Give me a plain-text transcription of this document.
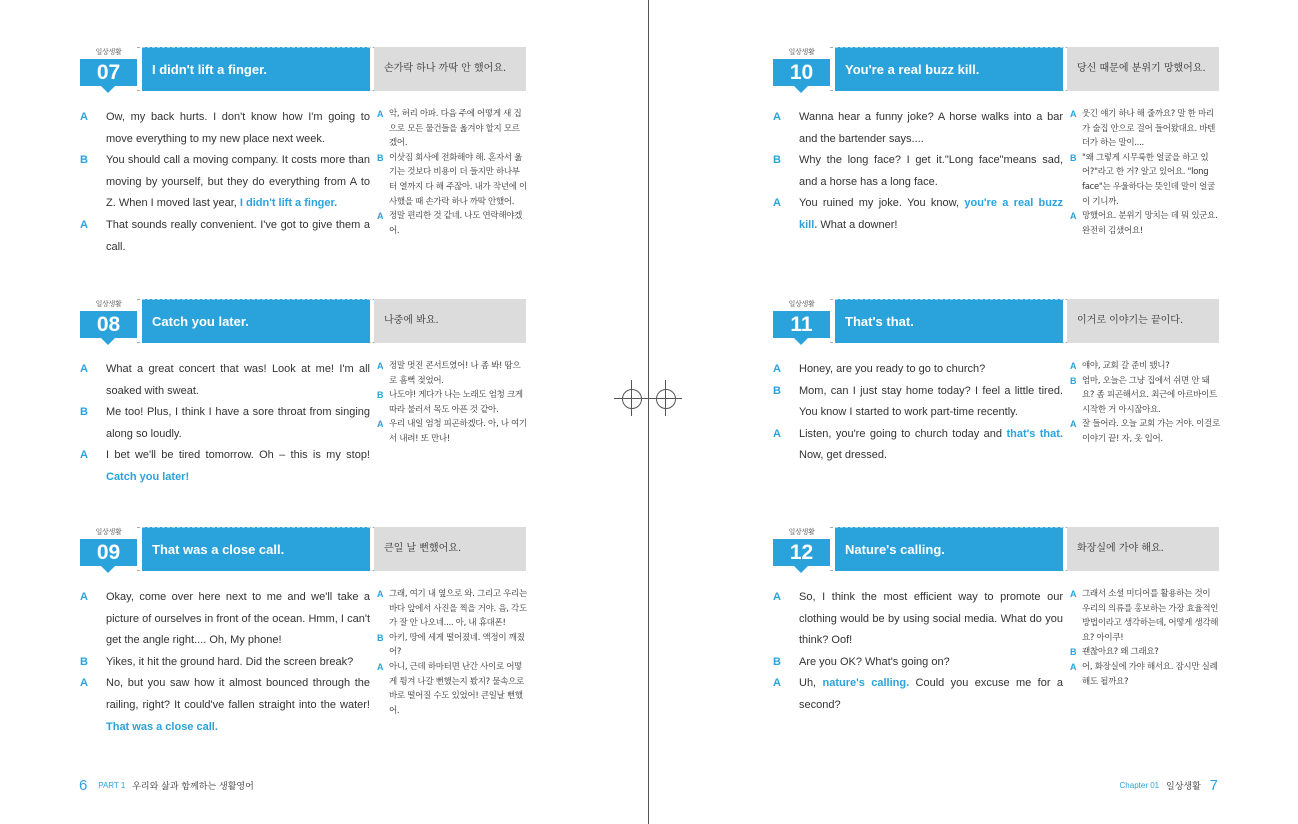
일상생활
07	I didn't lift a finger.	손가락 하나 까딱 안 했어요.
A Ow, my back hurts. I don't know how I'm going to move everything to my new place next week.
B You should call a moving company. It costs more than moving by yourself, but they do everything from A to Z. When I moved last year, I didn't lift a finger.
A That sounds really convenient. I've got to give them a call.
A 악, 허리 아파. 다음 주에 어떻게 새 집으로 모든 물건들을 옮겨야 할지 모르겠어.
B 이삿짐 회사에 전화해야 해. 혼자서 옮기는 것보다 비용이 더 들지만 하나부터 열까지 다 해 주잖아. 내가 작년에 이사했을 때 손가락 하나 까딱 안했어.
A 정말 편리한 것 같네. 나도 연락해야겠어.
일상생활
08	Catch you later.	나중에 봐요.
A What a great concert that was! Look at me! I'm all soaked with sweat.
B Me too! Plus, I think I have a sore throat from singing along so loudly.
A I bet we'll be tired tomorrow. Oh – this is my stop! Catch you later!
A 정말 멋진 콘서트였어! 나 좀 봐! 땀으로 흠뻑 젖었어.
B 나도야! 게다가 나는 노래도 엄청 크게 따라 불러서 목도 아픈 것 같아.
A 우리 내일 엄청 피곤하겠다. 아, 나 여기서 내려! 또 만나!
일상생활
09	That was a close call.	큰일 날 뻔했어요.
A Okay, come over here next to me and we'll take a picture of ourselves in front of the ocean. Hmm, I can't get the angle right.... Oh, My phone!
B Yikes, it hit the ground hard. Did the screen break?
A No, but you saw how it almost bounced through the railing, right? It could've fallen straight into the water! That was a close call.
A 그래, 여기 내 옆으로 와. 그리고 우리는 바다 앞에서 사진을 찍을 거야. 음, 각도가 잘 안 나오네.... 아, 내 휴대폰!
B 아키, 땅에 세게 떨어졌네. 액정이 깨졌어?
A 아니, 근데 하마터면 난간 사이로 어떻게 튕겨 나갈 뻔했는지 봤지? 물속으로 바로 떨어질 수도 있었어! 큰일날 뻔했어.
일상생활
10	You're a real buzz kill.	당신 때문에 분위기 망했어요.
A Wanna hear a funny joke? A horse walks into a bar and the bartender says....
B Why the long face? I get it."Long face"means sad, and a horse has a long face.
A You ruined my joke. You know, you're a real buzz kill. What a downer!
A 웃긴 얘기 하나 해 줄까요? 말 한 마리가 술집 안으로 걸어 들어왔대요. 바텐더가 하는 말이....
B "왜 그렇게 시무룩한 얼굴을 하고 있어?"라고 한 거? 알고 있어요. "long face"는 우울하다는 뜻인데 말이 얼굴이 기니까.
A 망했어요. 분위기 망치는 데 뭐 있군요. 완전히 김샜어요!
일상생활
11	That's that.	이거로 이야기는 끝이다.
A Honey, are you ready to go to church?
B Mom, can I just stay home today? I feel a little tired. You know I started to work part-time recently.
A Listen, you're going to church today and that's that. Now, get dressed.
A 얘야, 교회 갈 준비 됐니?
B 엄마, 오늘은 그냥 집에서 쉬면 안 돼요? 좀 피곤해서요. 최근에 아르바이트 시작한 거 아시잖아요.
A 잘 들어라. 오늘 교회 가는 거야. 이걸로 이야기 끝! 자, 옷 입어.
일상생활
12	Nature's calling.	화장실에 가야 해요.
A So, I think the most efficient way to promote our clothing would be by using social media. What do you think? Oof!
B Are you OK? What's going on?
A Uh, nature's calling. Could you excuse me for a second?
A 그래서 소셜 미디어를 활용하는 것이 우리의 의류를 홍보하는 가장 효율적인 방법이라고 생각하는데, 어떻게 생각해요? 아이쿠!
B 괜찮아요? 왜 그래요?
A 어, 화장실에 가야 해서요. 잠시만 실례해도 될까요?
6 PART 1 우리와 삶과 함께하는 생활영어	Chapter 01 일상생활 7
